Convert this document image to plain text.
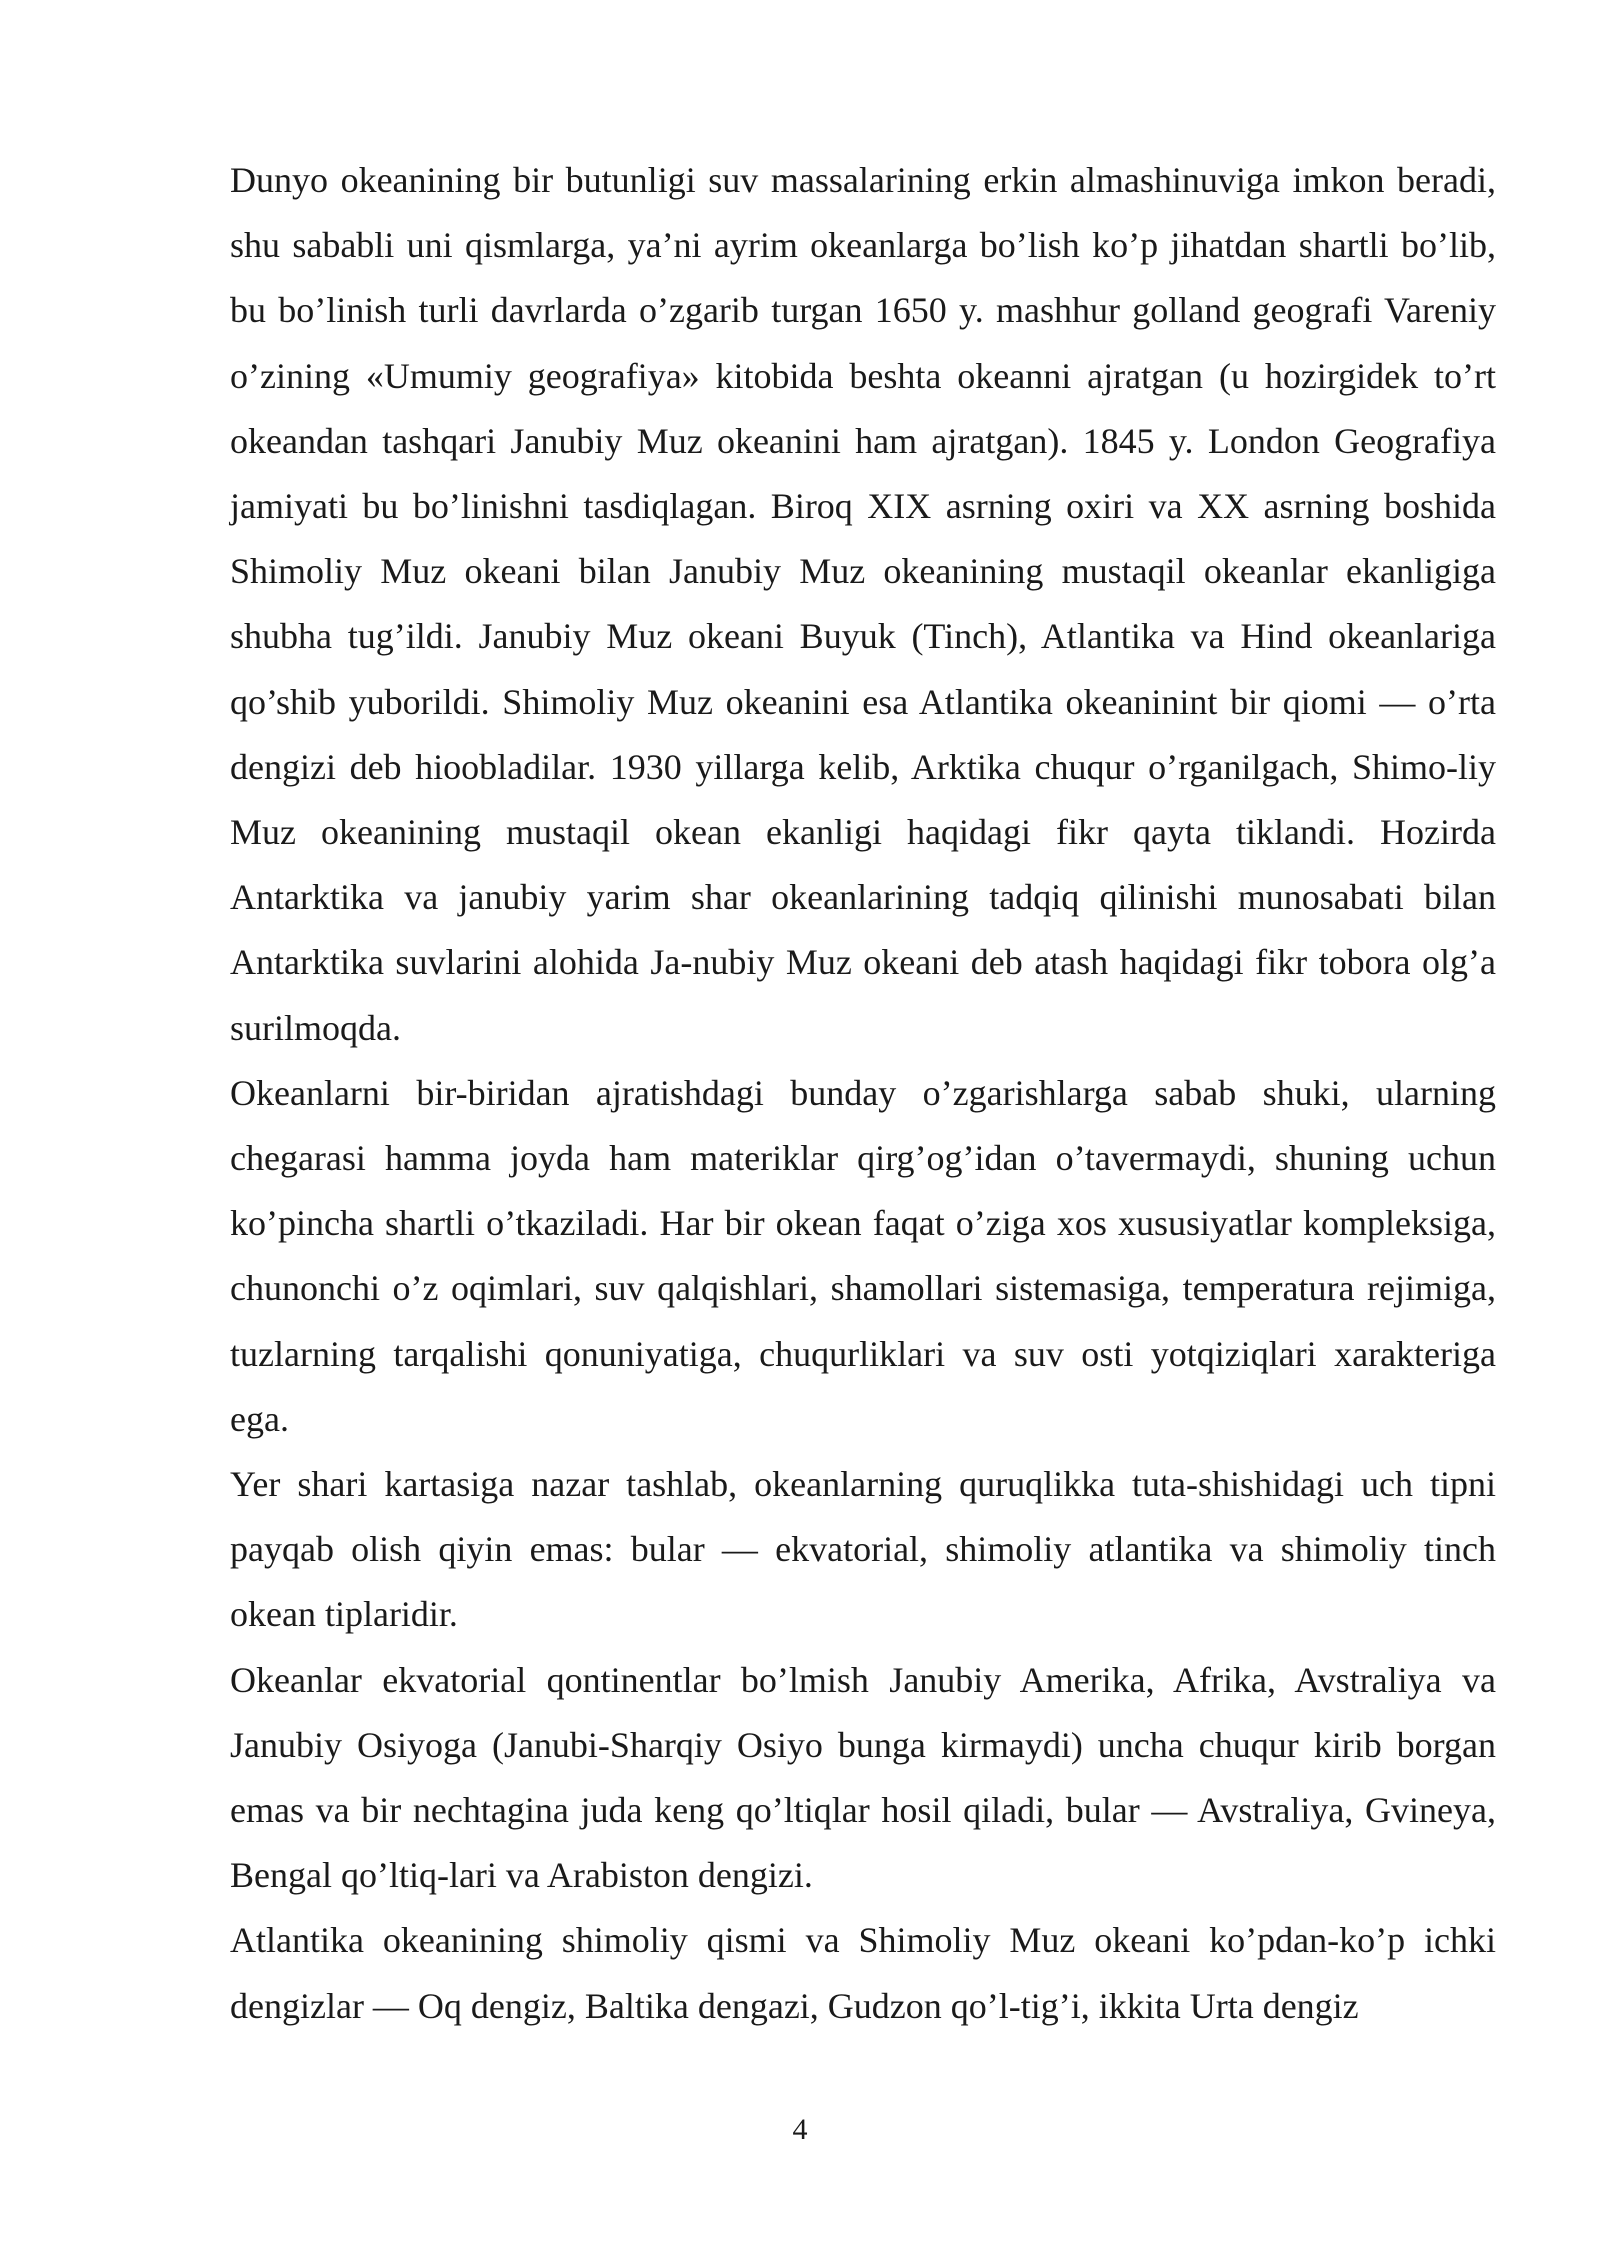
Dunyo okeanining bir butunligi suv massalarining erkin almashinuviga imkon beradi, shu sababli uni qismlarga, ya’ni ayrim okeanlarga bo’lish ko’p jihatdan shartli bo’lib, bu bo’linish turli davrlarda o’zgarib turgan 1650 y. mashhur golland geografi Vareniy o’zining «Umumiy geografiya» kitobida beshta okeanni ajratgan (u hozirgidek to’rt okeandan tashqari Janubiy Muz okeanini ham ajratgan). 1845 y. London Geografiya jamiyati bu bo’linishni tasdiqlagan. Biroq XIX asrning oxiri va XX asrning boshida Shimoliy Muz okeani bilan Janubiy Muz okeanining mustaqil okeanlar ekanligiga shubha tug’ildi. Janubiy Muz okeani Buyuk (Tinch), Atlantika va Hind okeanlariga qo’shib yuborildi. Shimoliy Muz okeanini esa Atlantika okeaninint bir qiomi — o’rta dengizi deb hioobladilar. 1930 yillarga kelib, Arktika chuqur o’rganilgach, Shimo-liy Muz okeanining mustaqil okean ekanligi haqidagi fikr qayta tiklandi. Hozirda Antarktika va janubiy yarim shar okeanlarining tadqiq qilinishi munosabati bilan Antarktika suvlarini alohida Ja-nubiy Muz okeani deb atash haqidagi fikr tobora olg’a surilmoqda.

Okeanlarni bir-biridan ajratishdagi bunday o’zgarishlarga sabab shuki, ularning chegarasi hamma joyda ham materiklar qirg’og’idan o’tavermaydi, shuning uchun ko’pincha shartli o’tkaziladi. Har bir okean faqat o’ziga xos xususiyatlar kompleksiga, chunonchi o’z oqimlari, suv qalqishlari, shamollari sistemasiga, temperatura rejimiga, tuzlarning tarqalishi qonuniyatiga, chuqurliklari va suv osti yotqiziqlari xarakteriga ega.

Yer shari kartasiga nazar tashlab, okeanlarning quruqlikka tuta-shishidagi uch tipni payqab olish qiyin emas: bular — ekvatorial, shimoliy atlantika va shimoliy tinch okean tiplaridir.

Okeanlar ekvatorial qontinentlar bo’lmish Janubiy Amerika, Afrika, Avstraliya va Janubiy Osiyoga (Janubi-Sharqiy Osiyo bunga kirmaydi) uncha chuqur kirib borgan emas va bir nechtagina juda keng qo’ltiqlar hosil qiladi, bular — Avstraliya, Gvineya, Bengal qo’ltiq-lari va Arabiston dengizi.

Atlantika okeanining shimoliy qismi va Shimoliy Muz okeani ko’pdan-ko’p ichki dengizlar — Oq dengiz, Baltika dengazi, Gudzon qo’l-tig’i, ikkita Urta dengiz

4
